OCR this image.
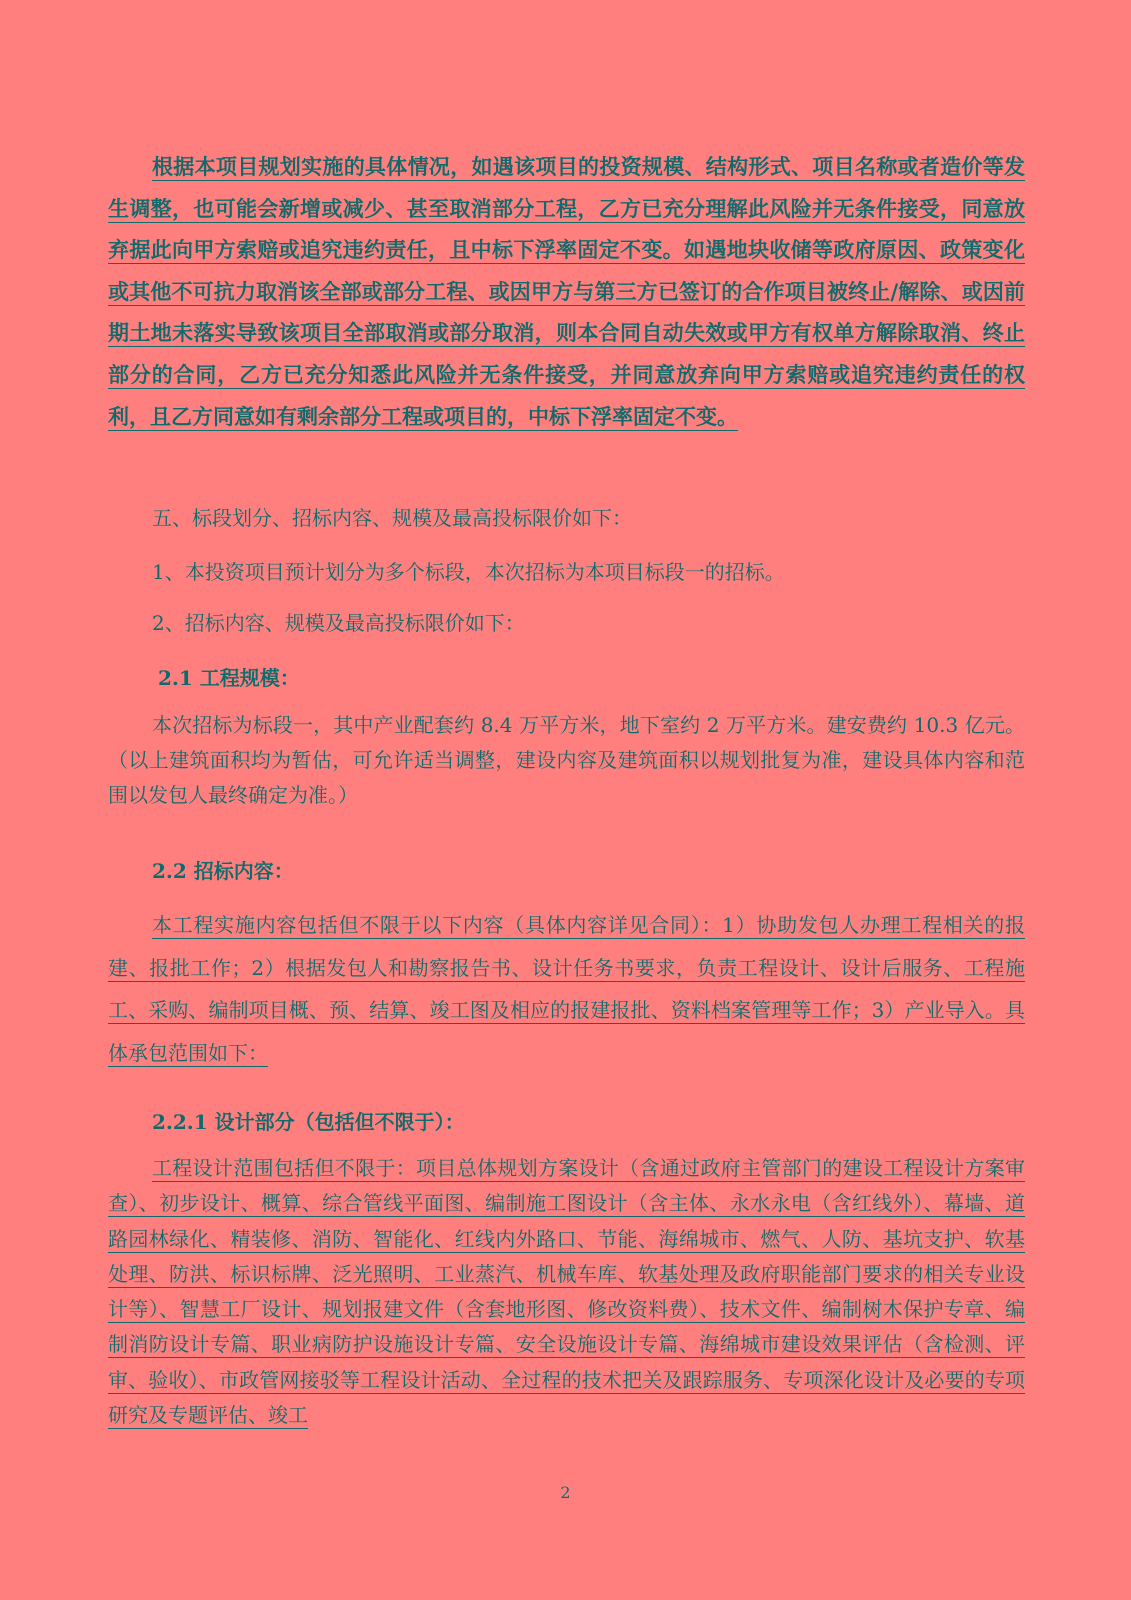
根据本项目规划实施的具体情况，如遇该项目的投资规模、结构形式、项目名称或者造价等发生调整，也可能会新增或减少、甚至取消部分工程，乙方已充分理解此风险并无条件接受，同意放弃据此向甲方索赔或追究违约责任，且中标下浮率固定不变。如遇地块收储等政府原因、政策变化或其他不可抗力取消该全部或部分工程、或因甲方与第三方已签订的合作项目被终止/解除、或因前期土地未落实导致该项目全部取消或部分取消，则本合同自动失效或甲方有权单方解除取消、终止部分的合同，乙方已充分知悉此风险并无条件接受，并同意放弃向甲方索赔或追究违约责任的权利，且乙方同意如有剩余部分工程或项目的，中标下浮率固定不变。

五、标段划分、招标内容、规模及最高投标限价如下：

1、本投资项目预计划分为多个标段，本次招标为本项目标段一的招标。

2、招标内容、规模及最高投标限价如下：

2.1 工程规模：

本次招标为标段一，其中产业配套约 8.4 万平方米，地下室约 2 万平方米。建安费约 10.3 亿元。（以上建筑面积均为暂估，可允许适当调整，建设内容及建筑面积以规划批复为准，建设具体内容和范围以发包人最终确定为准。）

2.2 招标内容：

本工程实施内容包括但不限于以下内容（具体内容详见合同）：1）协助发包人办理工程相关的报建、报批工作；2）根据发包人和勘察报告书、设计任务书要求，负责工程设计、设计后服务、工程施工、采购、编制项目概、预、结算、竣工图及相应的报建报批、资料档案管理等工作；3）产业导入。具体承包范围如下：

2.2.1 设计部分（包括但不限于）：

工程设计范围包括但不限于：项目总体规划方案设计（含通过政府主管部门的建设工程设计方案审查）、初步设计、概算、综合管线平面图、编制施工图设计（含主体、永水永电（含红线外）、幕墙、道路园林绿化、精装修、消防、智能化、红线内外路口、节能、海绵城市、燃气、人防、基坑支护、软基处理、防洪、标识标牌、泛光照明、工业蒸汽、机械车库、软基处理及政府职能部门要求的相关专业设计等）、智慧工厂设计、规划报建文件（含套地形图、修改资料费）、技术文件、编制树木保护专章、编制消防设计专篇、职业病防护设施设计专篇、安全设施设计专篇、海绵城市建设效果评估（含检测、评审、验收）、市政管网接驳等工程设计活动、全过程的技术把关及跟踪服务、专项深化设计及必要的专项研究及专题评估、竣工

2
